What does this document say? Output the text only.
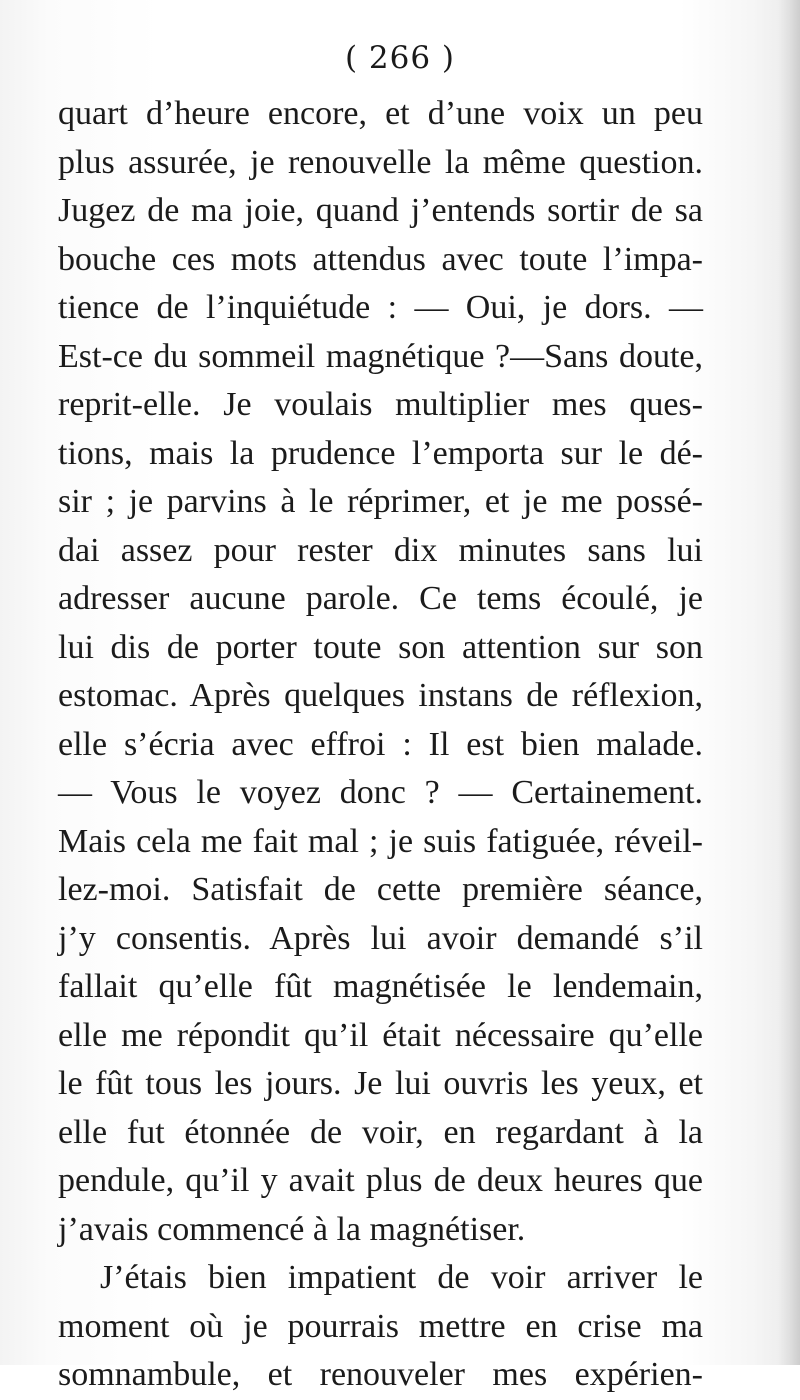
( 266 )
quart d’heure encore, et d’une voix un peu
plus assurée, je renouvelle la même question.
Jugez de ma joie, quand j’entends sortir de sa
bouche ces mots attendus avec toute l’impa-
tience de l’inquiétude : — Oui, je dors. —
Est-ce du sommeil magnétique ?—Sans doute,
reprit-elle. Je voulais multiplier mes ques-
tions, mais la prudence l’emporta sur le dé-
sir ; je parvins à le réprimer, et je me possé-
dai assez pour rester dix minutes sans lui
adresser aucune parole. Ce tems écoulé, je
lui dis de porter toute son attention sur son
estomac. Après quelques instans de réflexion,
elle s’écria avec effroi : Il est bien malade.
— Vous le voyez donc ? — Certainement.
Mais cela me fait mal ; je suis fatiguée, réveil-
lez-moi. Satisfait de cette première séance,
j’y consentis. Après lui avoir demandé s’il
fallait qu’elle fût magnétisée le lendemain,
elle me répondit qu’il était nécessaire qu’elle
le fût tous les jours. Je lui ouvris les yeux, et
elle fut étonnée de voir, en regardant à la
pendule, qu’il y avait plus de deux heures que
j’avais commencé à la magnétiser.
J’étais bien impatient de voir arriver le
moment où je pourrais mettre en crise ma
somnambule, et renouveler mes expérien-
